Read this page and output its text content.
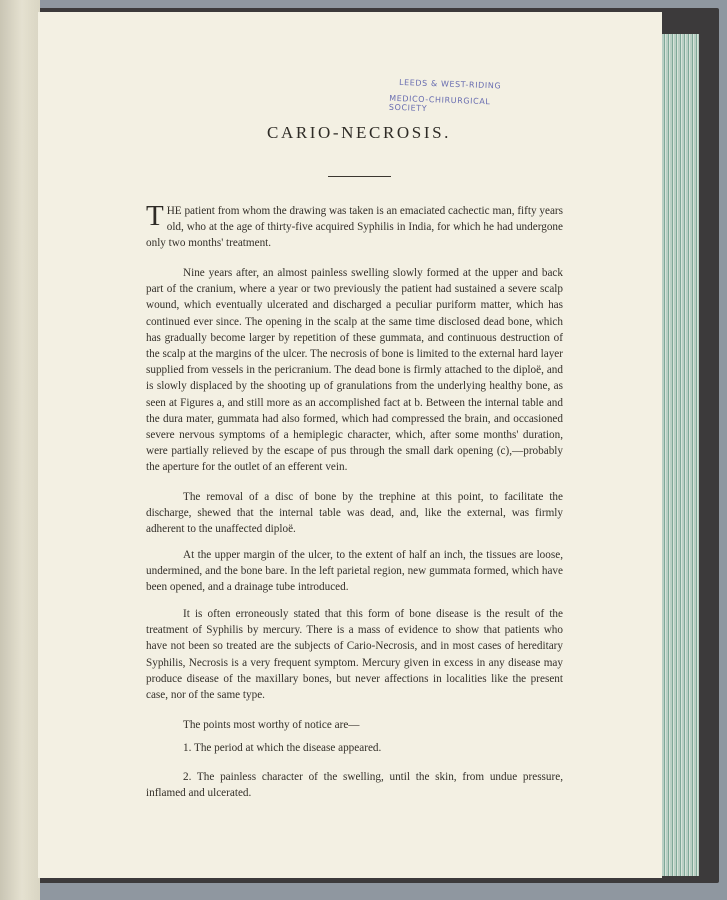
LEEDS & WEST-RIDING
MEDICO-CHIRURGICAL SOCIETY
CARIO-NECROSIS.
THE patient from whom the drawing was taken is an emaciated cachectic man, fifty years old, who at the age of thirty-five acquired Syphilis in India, for which he had undergone only two months' treatment.
Nine years after, an almost painless swelling slowly formed at the upper and back part of the cranium, where a year or two previously the patient had sustained a severe scalp wound, which eventually ulcerated and discharged a peculiar puriform matter, which has continued ever since. The opening in the scalp at the same time disclosed dead bone, which has gradually become larger by repetition of these gummata, and continuous destruction of the scalp at the margins of the ulcer. The necrosis of bone is limited to the external hard layer supplied from vessels in the pericranium. The dead bone is firmly attached to the diploë, and is slowly displaced by the shooting up of granulations from the underlying healthy bone, as seen at Figures a, and still more as an accomplished fact at b. Between the internal table and the dura mater, gummata had also formed, which had compressed the brain, and occasioned severe nervous symptoms of a hemiplegic character, which, after some months' duration, were partially relieved by the escape of pus through the small dark opening (c),—probably the aperture for the outlet of an efferent vein.
The removal of a disc of bone by the trephine at this point, to facilitate the discharge, shewed that the internal table was dead, and, like the external, was firmly adherent to the unaffected diploë.
At the upper margin of the ulcer, to the extent of half an inch, the tissues are loose, undermined, and the bone bare. In the left parietal region, new gummata formed, which have been opened, and a drainage tube introduced.
It is often erroneously stated that this form of bone disease is the result of the treatment of Syphilis by mercury. There is a mass of evidence to show that patients who have not been so treated are the subjects of Cario-Necrosis, and in most cases of hereditary Syphilis, Necrosis is a very frequent symptom. Mercury given in excess in any disease may produce disease of the maxillary bones, but never affections in localities like the present case, nor of the same type.
The points most worthy of notice are—
1. The period at which the disease appeared.
2. The painless character of the swelling, until the skin, from undue pressure, inflamed and ulcerated.
